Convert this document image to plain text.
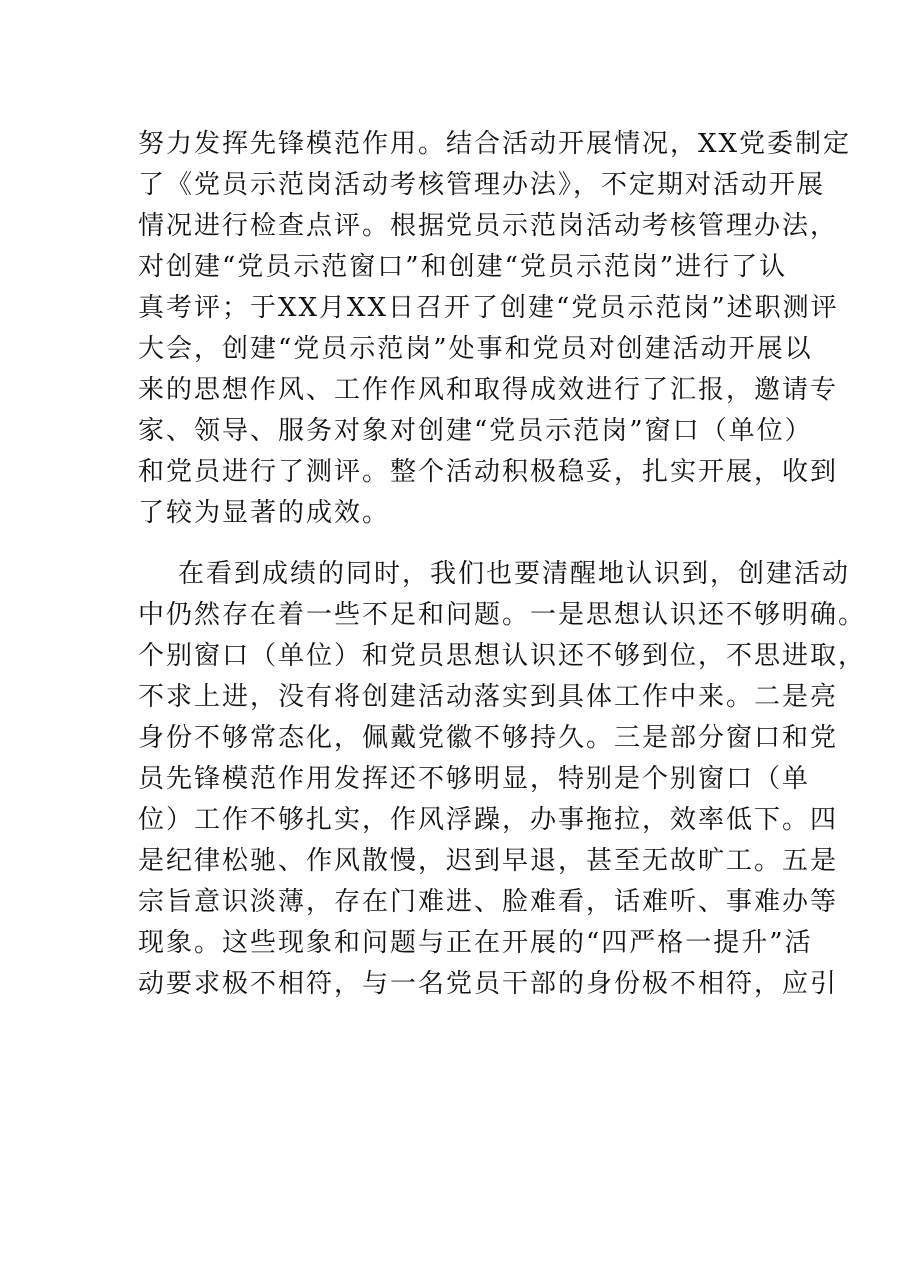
努力发挥先锋模范作用。结合活动开展情况，XX党委制定
了《党员示范岗活动考核管理办法》，不定期对活动开展
情况进行检查点评。根据党员示范岗活动考核管理办法，
对创建“党员示范窗口”和创建“党员示范岗”进行了认
真考评；于XX月XX日召开了创建“党员示范岗”述职测评
大会，创建“党员示范岗”处事和党员对创建活动开展以
来的思想作风、工作作风和取得成效进行了汇报，邀请专
家、领导、服务对象对创建“党员示范岗”窗口（单位）
和党员进行了测评。整个活动积极稳妥，扎实开展，收到
了较为显著的成效。
在看到成绩的同时，我们也要清醒地认识到，创建活动
中仍然存在着一些不足和问题。一是思想认识还不够明确。
个别窗口（单位）和党员思想认识还不够到位，不思进取，
不求上进，没有将创建活动落实到具体工作中来。二是亮
身份不够常态化，佩戴党徽不够持久。三是部分窗口和党
员先锋模范作用发挥还不够明显，特别是个别窗口（单
位）工作不够扎实，作风浮躁，办事拖拉，效率低下。四
是纪律松驰、作风散慢，迟到早退，甚至无故旷工。五是
宗旨意识淡薄，存在门难进、脸难看，话难听、事难办等
现象。这些现象和问题与正在开展的“四严格一提升”活
动要求极不相符，与一名党员干部的身份极不相符，应引
